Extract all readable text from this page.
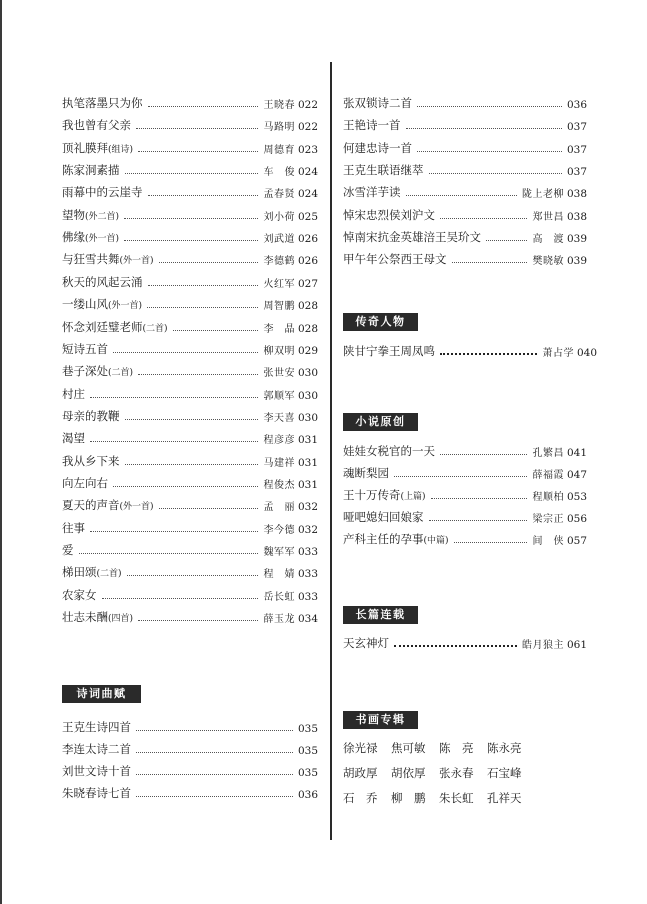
执笔落墨只为你	王晓春 022
我也曾有父亲	马路明 022
顶礼膜拜(组诗)	周德育 023
陈家洞素描	车　俊 024
雨幕中的云崖寺	孟春贤 024
望物(外二首)	刘小荷 025
佛缘(外一首)	刘武道 026
与狂雪共舞(外一首)	李德鹤 026
秋天的风起云涌	火红军 027
一缕山风(外一首)	周智鹏 028
怀念刘廷璧老师(二首)	李　晶 028
短诗五首	柳双明 029
巷子深处(二首)	张世安 030
村庄	郭顺军 030
母亲的教鞭	李天喜 030
渴望	程彦彦 031
我从乡下来	马建祥 031
向左向右	程俊杰 031
夏天的声音(外一首)	孟　丽 032
往事	李今德 032
爱	魏军军 033
梯田颂(二首)	程　婧 033
农家女	岳长虹 033
壮志未酬(四首)	薛玉龙 034
诗词曲赋
王克生诗四首	035
李连太诗二首	035
刘世文诗十首	035
朱晓春诗七首	036
张双锁诗二首	036
王艳诗一首	037
何建忠诗一首	037
王克生联语继萃	037
冰雪洋芋读	陇上老柳 038
悼宋忠烈侯刘沪文	郑世昌 038
悼南宋抗金英雄涪王吴玠文	高　渡 039
甲午年公祭西王母文	樊晓敏 039
传奇人物
陕甘宁拳王周凤鸣	萧占学 040
小说原创
娃娃女税官的一天	孔繁昌 041
魂断梨园	薛福霞 047
王十万传奇(上篇)	程顺柏 053
哑吧媳妇回娘家	梁宗正 056
产科主任的孕事(中篇)	间　侠 057
长篇连载
天玄神灯	皓月狼主 061
书画专辑
徐光禄	焦可敏	陈　亮	陈永亮
胡政厚	胡依厚	张永春	石宝峰
石　乔	柳　鹏	朱长虹	孔祥天
